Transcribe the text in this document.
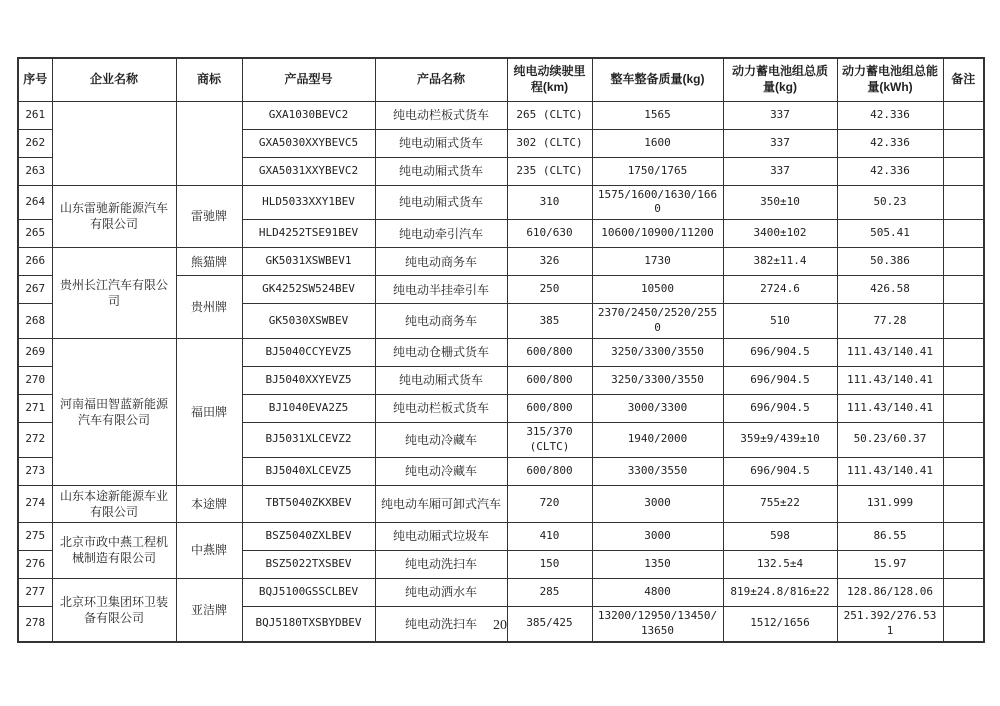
序号	企业名称	商标	产品型号	产品名称	纯电动续驶里程(km)	整车整备质量(kg)	动力蓄电池组总质量(kg)	动力蓄电池组总能量(kWh)	备注
261			GXA1030BEVC2	纯电动栏板式货车	265 (CLTC)	1565	337	42.336	
262			GXA5030XXYBEVC5	纯电动厢式货车	302 (CLTC)	1600	337	42.336	
263			GXA5031XXYBEVC2	纯电动厢式货车	235 (CLTC)	1750/1765	337	42.336	
264	山东雷驰新能源汽车有限公司	雷驰牌	HLD5033XXY1BEV	纯电动厢式货车	310	1575/1600/1630/1660	350±10	50.23	
265			HLD4252TSE91BEV	纯电动牵引汽车	610/630	10600/10900/11200	3400±102	505.41	
266	贵州长江汽车有限公司	熊猫牌	GK5031XSWBEV1	纯电动商务车	326	1730	382±11.4	50.386	
267		贵州牌	GK4252SW524BEV	纯电动半挂牵引车	250	10500	2724.6	426.58	
268			GK5030XSWBEV	纯电动商务车	385	2370/2450/2520/2550	510	77.28	
269	河南福田智蓝新能源汽车有限公司	福田牌	BJ5040CCYEVZ5	纯电动仓栅式货车	600/800	3250/3300/3550	696/904.5	111.43/140.41	
270			BJ5040XXYEVZ5	纯电动厢式货车	600/800	3250/3300/3550	696/904.5	111.43/140.41	
271			BJ1040EVA2Z5	纯电动栏板式货车	600/800	3000/3300	696/904.5	111.43/140.41	
272			BJ5031XLCEVZ2	纯电动冷藏车	315/370 (CLTC)	1940/2000	359±9/439±10	50.23/60.37	
273			BJ5040XLCEVZ5	纯电动冷藏车	600/800	3300/3550	696/904.5	111.43/140.41	
274	山东本途新能源车业有限公司	本途牌	TBT5040ZKXBEV	纯电动车厢可卸式汽车	720	3000	755±22	131.999	
275	北京市政中燕工程机械制造有限公司	中燕牌	BSZ5040ZXLBEV	纯电动厢式垃圾车	410	3000	598	86.55	
276			BSZ5022TXSBEV	纯电动洗扫车	150	1350	132.5±4	15.97	
277	北京环卫集团环卫装备有限公司	亚洁牌	BQJ5100GSSCLBEV	纯电动洒水车	285	4800	819±24.8/816±22	128.86/128.06	
278			BQJ5180TXSBYDBEV	纯电动洗扫车	385/425	13200/12950/13450/13650	1512/1656	251.392/276.531	
20
